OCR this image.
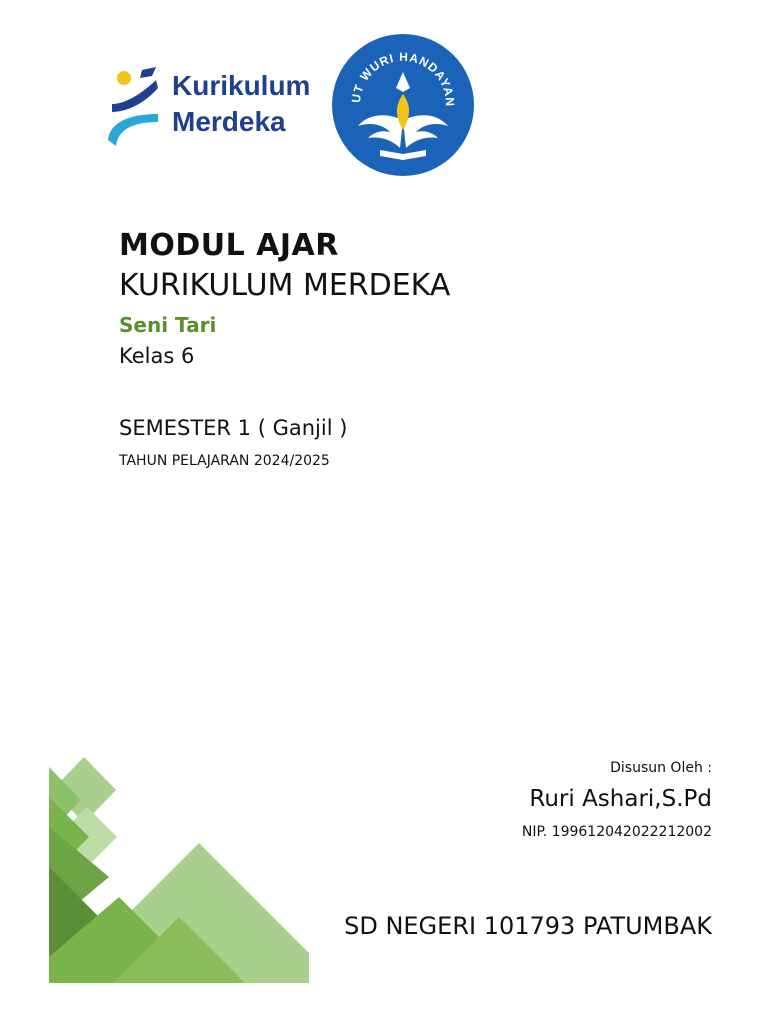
Kurikulum
Merdeka
UT WURI HANDAYAN
MODUL AJAR
KURIKULUM MERDEKA
Seni Tari
Kelas 6
SEMESTER 1 ( Ganjil )
TAHUN PELAJARAN 2024/2025
Disusun Oleh :
Ruri Ashari,S.Pd
NIP. 199612042022212002
SD NEGERI 101793 PATUMBAK
